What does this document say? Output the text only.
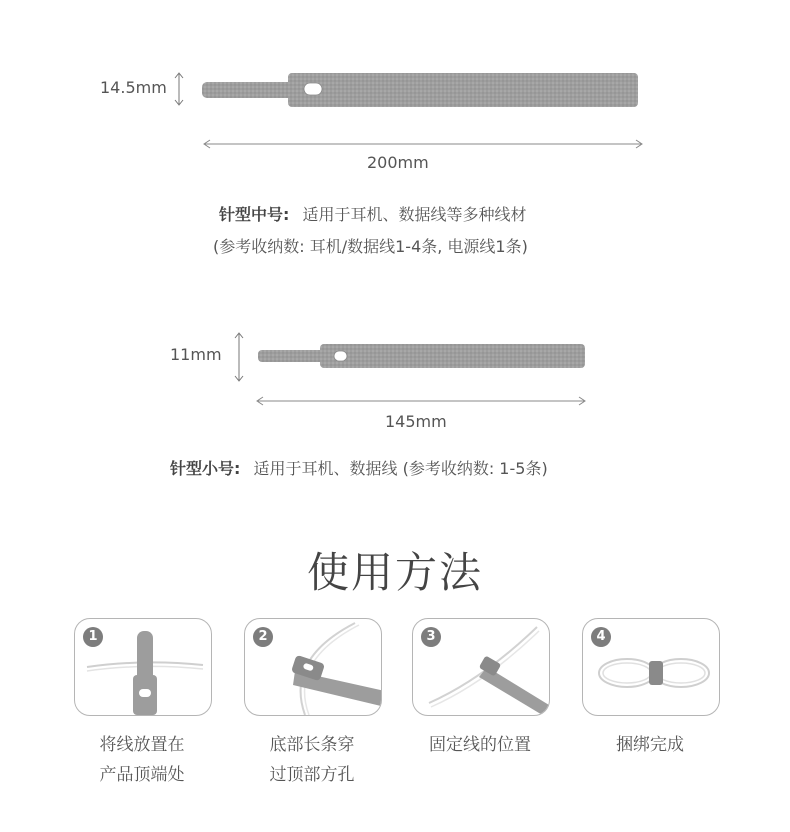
14.5mm
200mm
针型中号: 适用于耳机、数据线等多种线材
(参考收纳数: 耳机/数据线1-4条, 电源线1条)
11mm
145mm
针型小号: 适用于耳机、数据线 (参考收纳数: 1-5条)
使用方法
1	2	3	4
将线放置在
产品顶端处
底部长条穿
过顶部方孔
固定线的位置	捆绑完成
